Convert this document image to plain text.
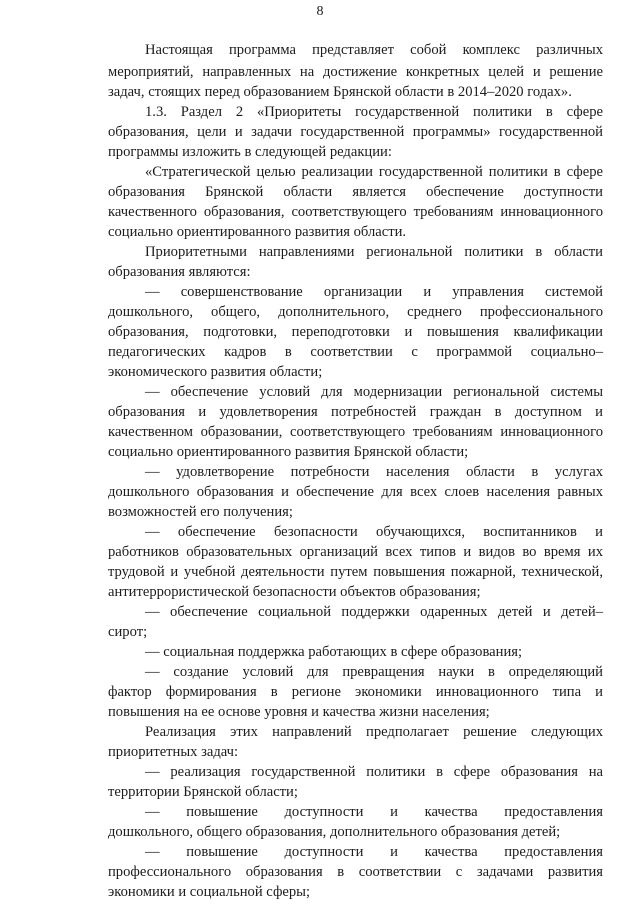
8
Настоящая программа представляет собой комплекс различных
мероприятий, направленных на достижение конкретных целей и решение
задач, стоящих перед образованием Брянской области в 2014–2020 годах».
1.3. Раздел 2 «Приоритеты государственной политики в сфере
образования, цели и задачи государственной программы» государственной
программы изложить в следующей редакции:
«Стратегической целью реализации государственной политики в сфере
образования Брянской области является обеспечение доступности
качественного образования, соответствующего требованиям инновационного
социально ориентированного развития области.
Приоритетными направлениями региональной политики в области
образования являются:
— совершенствование организации и управления системой
дошкольного, общего, дополнительного, среднего профессионального
образования, подготовки, переподготовки и повышения квалификации
педагогических кадров в соответствии с программой социально–
экономического развития области;
— обеспечение условий для модернизации региональной системы
образования и удовлетворения потребностей граждан в доступном и
качественном образовании, соответствующего требованиям инновационного
социально ориентированного развития Брянской области;
— удовлетворение потребности населения области в услугах
дошкольного образования и обеспечение для всех слоев населения равных
возможностей его получения;
— обеспечение безопасности обучающихся, воспитанников и
работников образовательных организаций всех типов и видов во время их
трудовой и учебной деятельности путем повышения пожарной, технической,
антитеррористической безопасности объектов образования;
— обеспечение социальной поддержки одаренных детей и детей–
сирот;
— социальная поддержка работающих в сфере образования;
— создание условий для превращения науки в определяющий
фактор формирования в регионе экономики инновационного типа и
повышения на ее основе уровня и качества жизни населения;
Реализация этих направлений предполагает решение следующих
приоритетных задач:
— реализация государственной политики в сфере образования на
территории Брянской области;
— повышение доступности и качества предоставления
дошкольного, общего образования, дополнительного образования детей;
— повышение доступности и качества предоставления
профессионального образования в соответствии с задачами развития
экономики и социальной сферы;
